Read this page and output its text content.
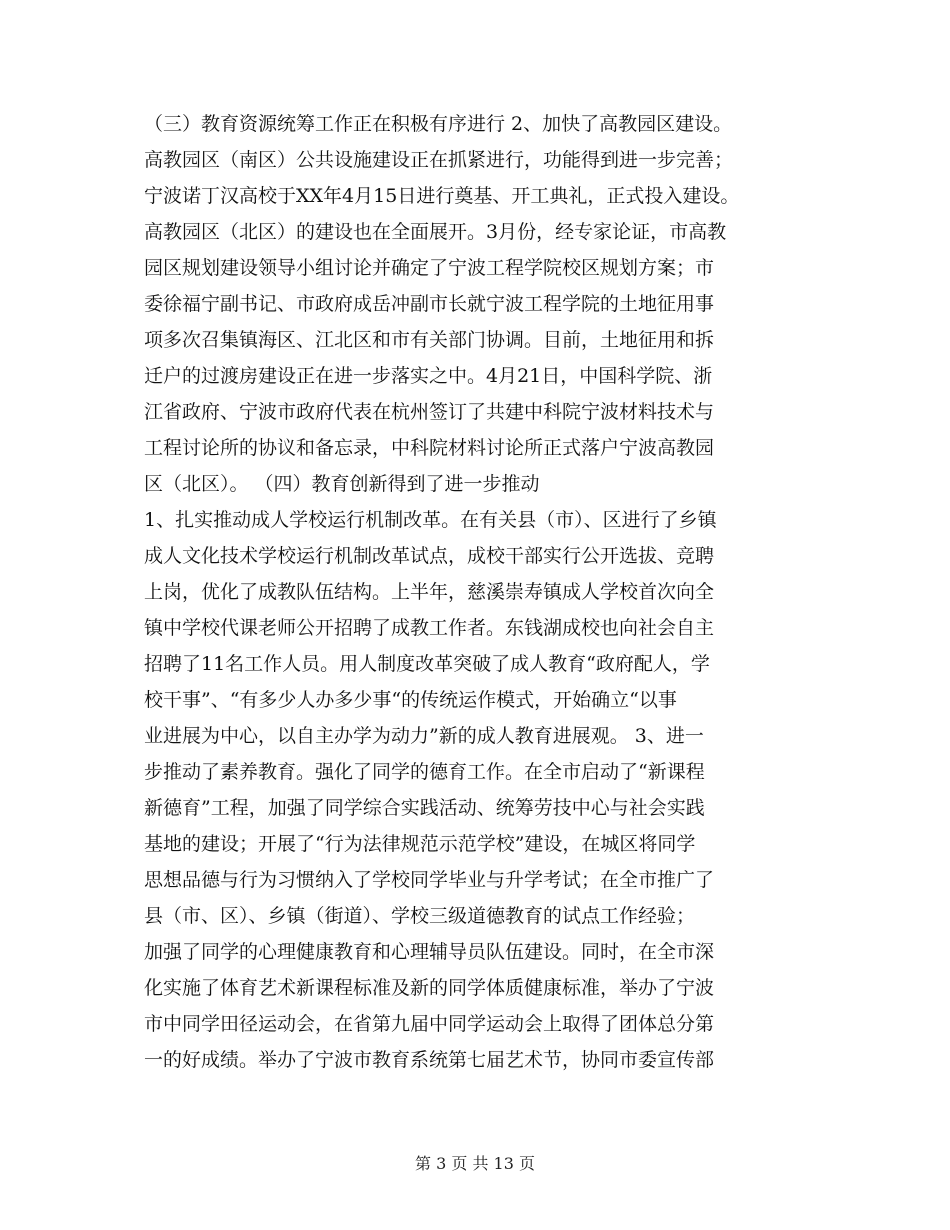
（三）教育资源统筹工作正在积极有序进行 2、加快了高教园区建设。
高教园区（南区）公共设施建设正在抓紧进行，功能得到进一步完善；
宁波诺丁汉高校于XX年4月15日进行奠基、开工典礼，正式投入建设。
高教园区（北区）的建设也在全面展开。3月份，经专家论证，市高教
园区规划建设领导小组讨论并确定了宁波工程学院校区规划方案；市
委徐福宁副书记、市政府成岳冲副市长就宁波工程学院的土地征用事
项多次召集镇海区、江北区和市有关部门协调。目前，土地征用和拆
迁户的过渡房建设正在进一步落实之中。4月21日，中国科学院、浙
江省政府、宁波市政府代表在杭州签订了共建中科院宁波材料技术与
工程讨论所的协议和备忘录，中科院材料讨论所正式落户宁波高教园
区（北区）。 （四）教育创新得到了进一步推动
1、扎实推动成人学校运行机制改革。在有关县（市）、区进行了乡镇
成人文化技术学校运行机制改革试点，成校干部实行公开选拔、竞聘
上岗，优化了成教队伍结构。上半年，慈溪崇寿镇成人学校首次向全
镇中学校代课老师公开招聘了成教工作者。东钱湖成校也向社会自主
招聘了11名工作人员。用人制度改革突破了成人教育“政府配人，学
校干事”、“有多少人办多少事“的传统运作模式，开始确立“以事
业进展为中心，以自主办学为动力”新的成人教育进展观。 3、进一
步推动了素养教育。强化了同学的德育工作。在全市启动了“新课程
新德育”工程，加强了同学综合实践活动、统筹劳技中心与社会实践
基地的建设；开展了“行为法律规范示范学校”建设，在城区将同学
思想品德与行为习惯纳入了学校同学毕业与升学考试；在全市推广了
县（市、区）、乡镇（街道）、学校三级道德教育的试点工作经验；
加强了同学的心理健康教育和心理辅导员队伍建设。同时，在全市深
化实施了体育艺术新课程标准及新的同学体质健康标准，举办了宁波
市中同学田径运动会，在省第九届中同学运动会上取得了团体总分第
一的好成绩。举办了宁波市教育系统第七届艺术节，协同市委宣传部
第 3 页 共 13 页
